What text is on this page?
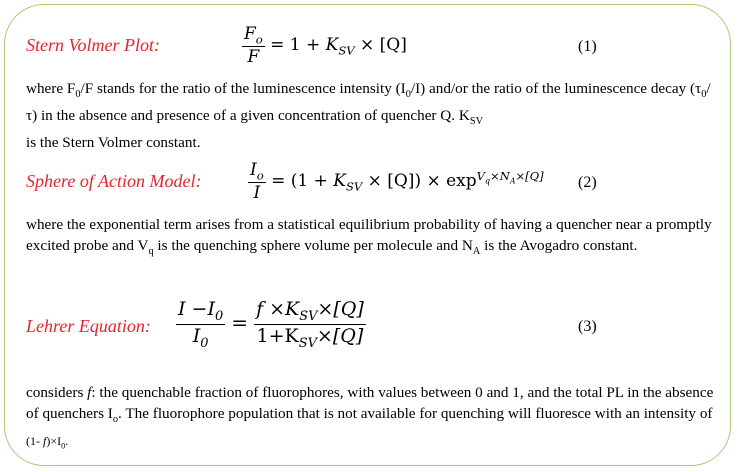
Stern Volmer Plot:	$\frac{F_o}{F} = 1 + K_{SV} \times [Q]$	(1)
where $F_0/F$ stands for the ratio of the luminescence intensity $(I_0/I)$ and/or the ratio of the luminescence decay $(\tau_0/\tau)$ in the absence and presence of a given concentration of quencher Q. $K_{SV}$
is the Stern Volmer constant.
Sphere of Action Model:	$\frac{I_o}{I} = (1 + K_{SV} \times [Q]) \times \exp^{V_q\times N_A\times[Q]} (2)$
where the exponential term arises from a statistical equilibrium probability of having a quencher near a promptly excited probe and $V_q$ is the quenching sphere volume per molecule and $N_A$ is the Avogadro constant.
Lehrer Equation: $\frac{I -I_0}{I_0} = \frac{f \times K_{SV}\times[Q]}{1+K_{SV}\times[Q]}$	(3)
considers f: the quenchable fraction of fluorophores, with values between 0 and 1, and the total PL in the absence of quenchers $I_o$. The fluorophore population that is not available for quenching will fluoresce with an intensity of (1- $f)\times I_0$.
